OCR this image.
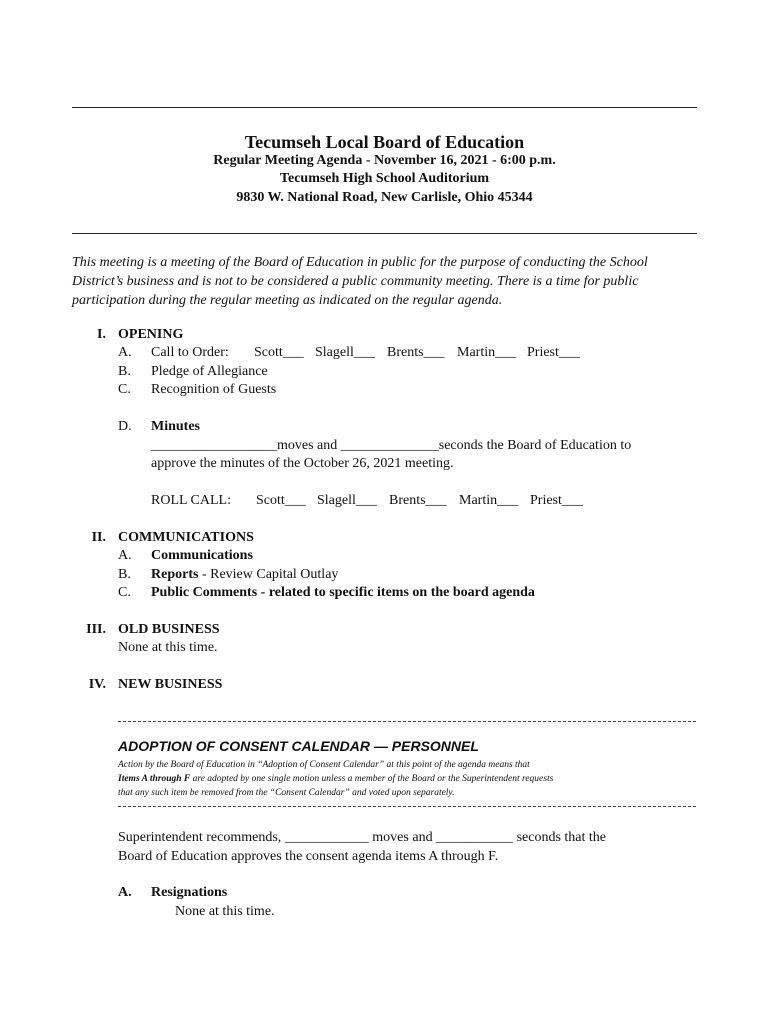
Tecumseh Local Board of Education
Regular Meeting Agenda - November 16, 2021 - 6:00 p.m.
Tecumseh High School Auditorium
9830 W. National Road, New Carlisle, Ohio 45344
This meeting is a meeting of the Board of Education in public for the purpose of conducting the School District’s business and is not to be considered a public community meeting. There is a time for public participation during the regular meeting as indicated on the regular agenda.
I. OPENING
A. Call to Order: Scott___ Slagell___ Brents___ Martin___ Priest___
B. Pledge of Allegiance
C. Recognition of Guests
D. Minutes
__________________moves and ______________seconds the Board of Education to
approve the minutes of the October 26, 2021 meeting.
ROLL CALL: Scott___ Slagell___ Brents___ Martin___ Priest___
II. COMMUNICATIONS
A. Communications
B. Reports - Review Capital Outlay
C. Public Comments - related to specific items on the board agenda
III. OLD BUSINESS
None at this time.
IV. NEW BUSINESS
ADOPTION OF CONSENT CALENDAR — PERSONNEL
Action by the Board of Education in “Adoption of Consent Calendar” at this point of the agenda means that
Items A through F are adopted by one single motion unless a member of the Board or the Superintendent requests
that any such item be removed from the “Consent Calendar” and voted upon separately.
Superintendent recommends, ____________ moves and ___________ seconds that the
Board of Education approves the consent agenda items A through F.
A. Resignations
None at this time.
